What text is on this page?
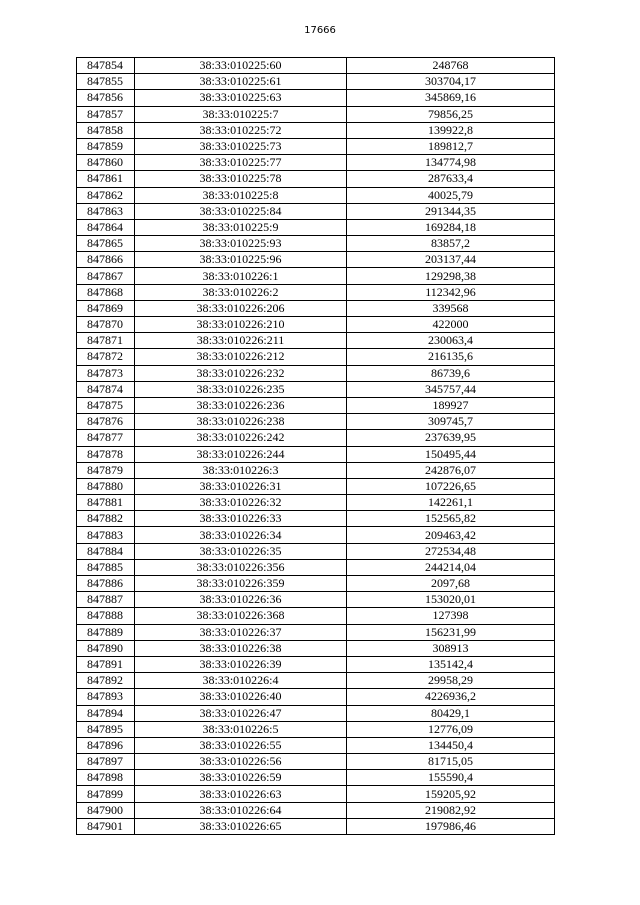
17666
847854	38:33:010225:60	248768
847855	38:33:010225:61	303704,17
847856	38:33:010225:63	345869,16
847857	38:33:010225:7	79856,25
847858	38:33:010225:72	139922,8
847859	38:33:010225:73	189812,7
847860	38:33:010225:77	134774,98
847861	38:33:010225:78	287633,4
847862	38:33:010225:8	40025,79
847863	38:33:010225:84	291344,35
847864	38:33:010225:9	169284,18
847865	38:33:010225:93	83857,2
847866	38:33:010225:96	203137,44
847867	38:33:010226:1	129298,38
847868	38:33:010226:2	112342,96
847869	38:33:010226:206	339568
847870	38:33:010226:210	422000
847871	38:33:010226:211	230063,4
847872	38:33:010226:212	216135,6
847873	38:33:010226:232	86739,6
847874	38:33:010226:235	345757,44
847875	38:33:010226:236	189927
847876	38:33:010226:238	309745,7
847877	38:33:010226:242	237639,95
847878	38:33:010226:244	150495,44
847879	38:33:010226:3	242876,07
847880	38:33:010226:31	107226,65
847881	38:33:010226:32	142261,1
847882	38:33:010226:33	152565,82
847883	38:33:010226:34	209463,42
847884	38:33:010226:35	272534,48
847885	38:33:010226:356	244214,04
847886	38:33:010226:359	2097,68
847887	38:33:010226:36	153020,01
847888	38:33:010226:368	127398
847889	38:33:010226:37	156231,99
847890	38:33:010226:38	308913
847891	38:33:010226:39	135142,4
847892	38:33:010226:4	29958,29
847893	38:33:010226:40	4226936,2
847894	38:33:010226:47	80429,1
847895	38:33:010226:5	12776,09
847896	38:33:010226:55	134450,4
847897	38:33:010226:56	81715,05
847898	38:33:010226:59	155590,4
847899	38:33:010226:63	159205,92
847900	38:33:010226:64	219082,92
847901	38:33:010226:65	197986,46
